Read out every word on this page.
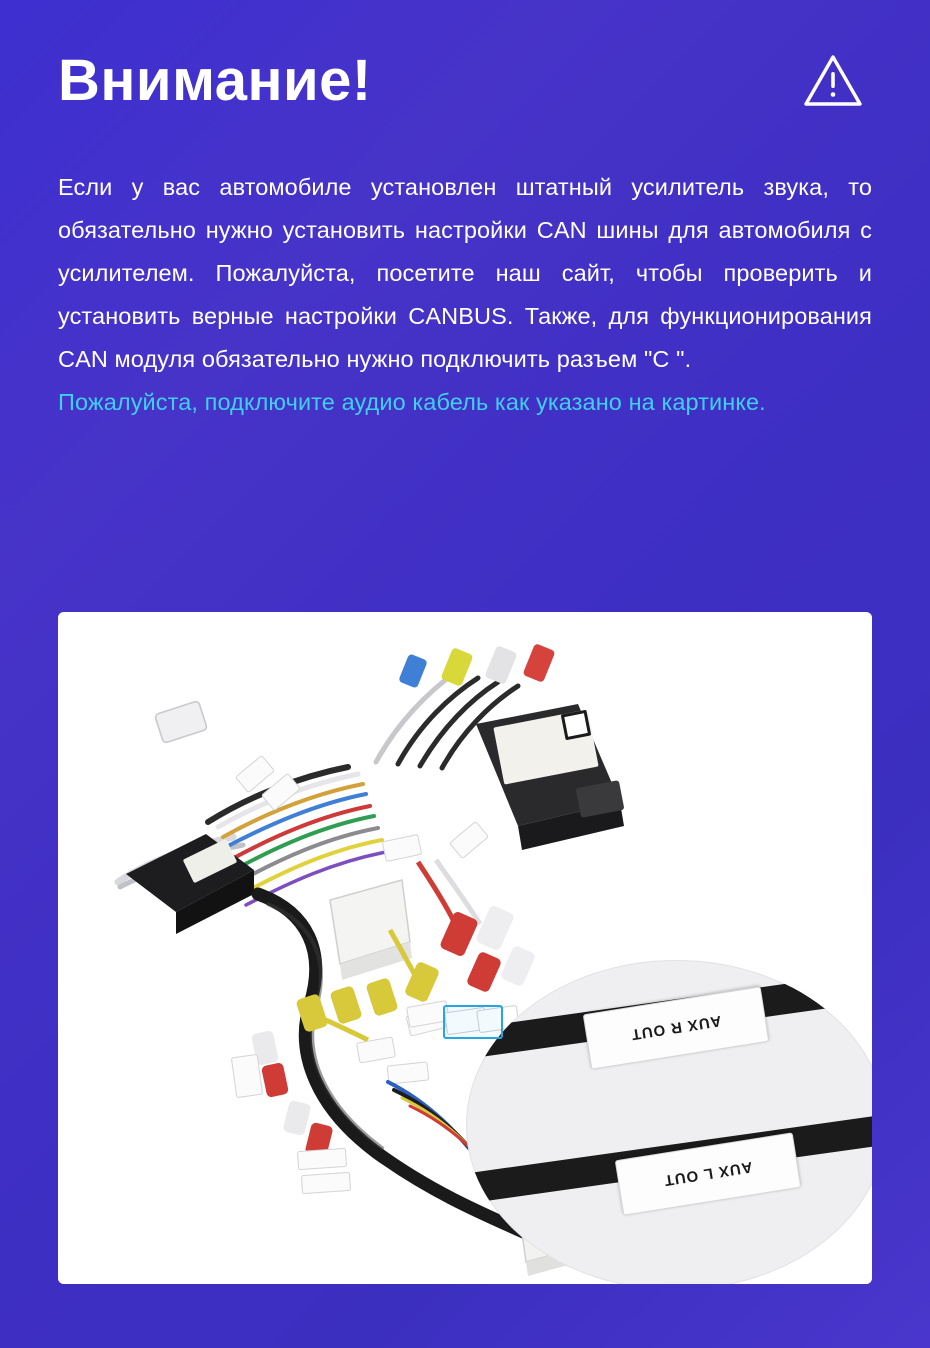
Внимание!

Если у вас автомобиле установлен штатный усилитель звука, то обязательно нужно установить настройки CAN шины для автомобиля с усилителем. Пожалуйста, посетите наш сайт, чтобы проверить и установить верные настройки CANBUS. Также, для функционирования CAN модуля обязательно нужно подключить разъем "C ".

Пожалуйста, подключите аудио кабель как указано на картинке.

AUX R OUT
AUX L OUT
